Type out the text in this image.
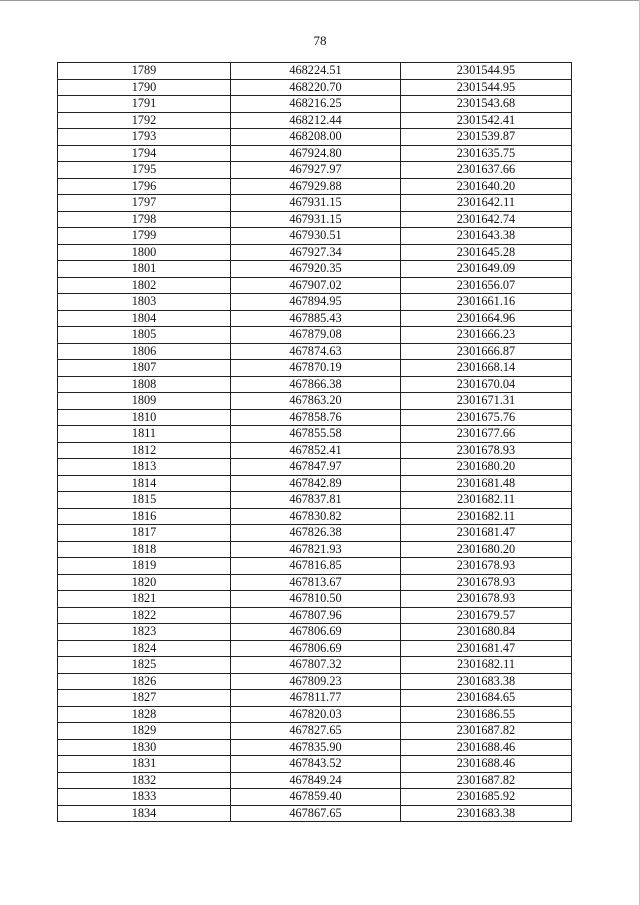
78
1789	468224.51	2301544.95
1790	468220.70	2301544.95
1791	468216.25	2301543.68
1792	468212.44	2301542.41
1793	468208.00	2301539.87
1794	467924.80	2301635.75
1795	467927.97	2301637.66
1796	467929.88	2301640.20
1797	467931.15	2301642.11
1798	467931.15	2301642.74
1799	467930.51	2301643.38
1800	467927.34	2301645.28
1801	467920.35	2301649.09
1802	467907.02	2301656.07
1803	467894.95	2301661.16
1804	467885.43	2301664.96
1805	467879.08	2301666.23
1806	467874.63	2301666.87
1807	467870.19	2301668.14
1808	467866.38	2301670.04
1809	467863.20	2301671.31
1810	467858.76	2301675.76
1811	467855.58	2301677.66
1812	467852.41	2301678.93
1813	467847.97	2301680.20
1814	467842.89	2301681.48
1815	467837.81	2301682.11
1816	467830.82	2301682.11
1817	467826.38	2301681.47
1818	467821.93	2301680.20
1819	467816.85	2301678.93
1820	467813.67	2301678.93
1821	467810.50	2301678.93
1822	467807.96	2301679.57
1823	467806.69	2301680.84
1824	467806.69	2301681.47
1825	467807.32	2301682.11
1826	467809.23	2301683.38
1827	467811.77	2301684.65
1828	467820.03	2301686.55
1829	467827.65	2301687.82
1830	467835.90	2301688.46
1831	467843.52	2301688.46
1832	467849.24	2301687.82
1833	467859.40	2301685.92
1834	467867.65	2301683.38
